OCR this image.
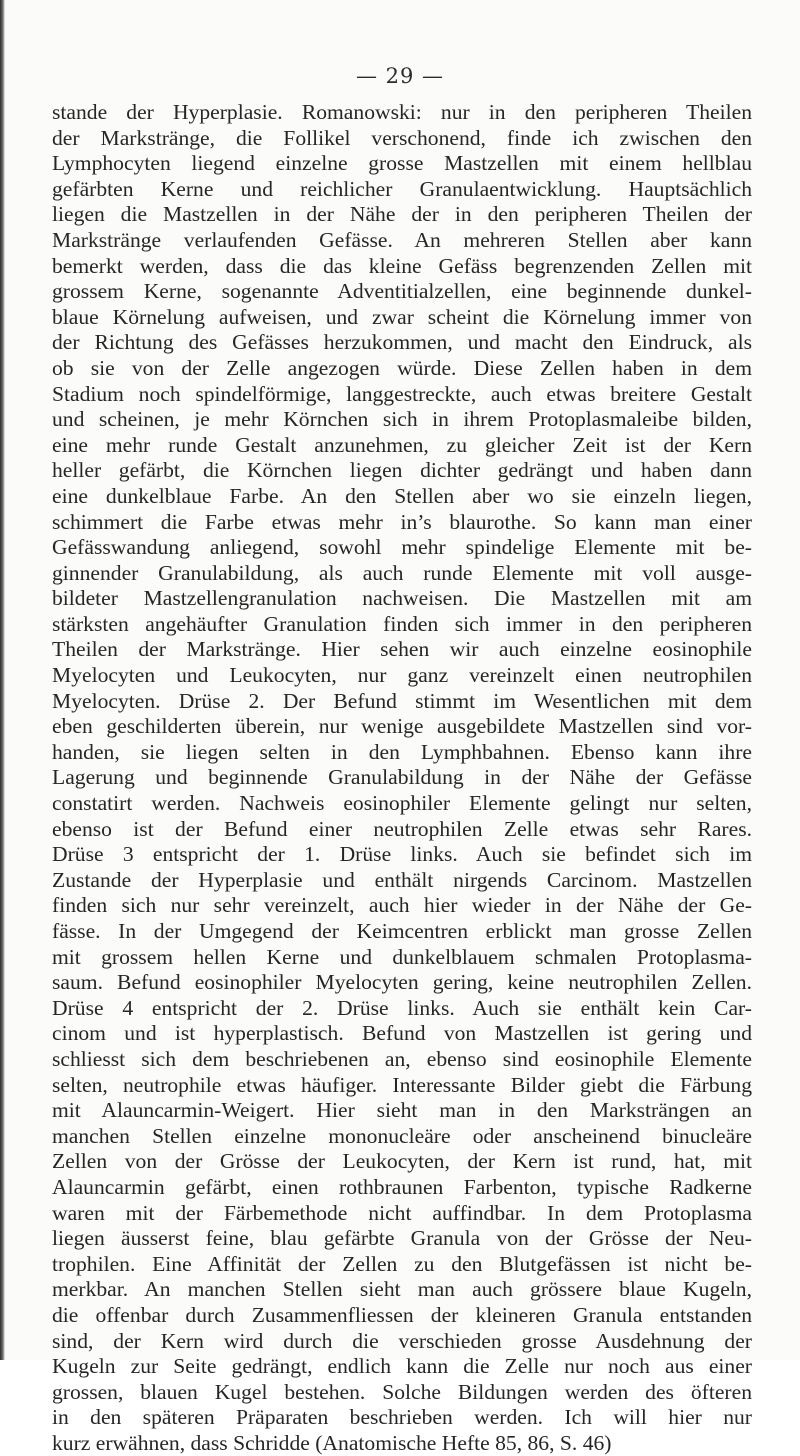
— 29 —
stande der Hyperplasie. Romanowski: nur in den peripheren Theilen
der Markstränge, die Follikel verschonend, finde ich zwischen den
Lymphocyten liegend einzelne grosse Mastzellen mit einem hellblau
gefärbten Kerne und reichlicher Granulaentwicklung. Hauptsächlich
liegen die Mastzellen in der Nähe der in den peripheren Theilen der
Markstränge verlaufenden Gefässe. An mehreren Stellen aber kann
bemerkt werden, dass die das kleine Gefäss begrenzenden Zellen mit
grossem Kerne, sogenannte Adventitialzellen, eine beginnende dunkel-
blaue Körnelung aufweisen, und zwar scheint die Körnelung immer von
der Richtung des Gefässes herzukommen, und macht den Eindruck, als
ob sie von der Zelle angezogen würde. Diese Zellen haben in dem
Stadium noch spindelförmige, langgestreckte, auch etwas breitere Gestalt
und scheinen, je mehr Körnchen sich in ihrem Protoplasmaleibe bilden,
eine mehr runde Gestalt anzunehmen, zu gleicher Zeit ist der Kern
heller gefärbt, die Körnchen liegen dichter gedrängt und haben dann
eine dunkelblaue Farbe. An den Stellen aber wo sie einzeln liegen,
schimmert die Farbe etwas mehr in’s blaurothe. So kann man einer
Gefässwandung anliegend, sowohl mehr spindelige Elemente mit be-
ginnender Granulabildung, als auch runde Elemente mit voll ausge-
bildeter Mastzellengranulation nachweisen. Die Mastzellen mit am
stärksten angehäufter Granulation finden sich immer in den peripheren
Theilen der Markstränge. Hier sehen wir auch einzelne eosinophile
Myelocyten und Leukocyten, nur ganz vereinzelt einen neutrophilen
Myelocyten. Drüse 2. Der Befund stimmt im Wesentlichen mit dem
eben geschilderten überein, nur wenige ausgebildete Mastzellen sind vor-
handen, sie liegen selten in den Lymphbahnen. Ebenso kann ihre
Lagerung und beginnende Granulabildung in der Nähe der Gefässe
constatirt werden. Nachweis eosinophiler Elemente gelingt nur selten,
ebenso ist der Befund einer neutrophilen Zelle etwas sehr Rares.
Drüse 3 entspricht der 1. Drüse links. Auch sie befindet sich im
Zustande der Hyperplasie und enthält nirgends Carcinom. Mastzellen
finden sich nur sehr vereinzelt, auch hier wieder in der Nähe der Ge-
fässe. In der Umgegend der Keimcentren erblickt man grosse Zellen
mit grossem hellen Kerne und dunkelblauem schmalen Protoplasma-
saum. Befund eosinophiler Myelocyten gering, keine neutrophilen Zellen.
Drüse 4 entspricht der 2. Drüse links. Auch sie enthält kein Car-
cinom und ist hyperplastisch. Befund von Mastzellen ist gering und
schliesst sich dem beschriebenen an, ebenso sind eosinophile Elemente
selten, neutrophile etwas häufiger. Interessante Bilder giebt die Färbung
mit Alauncarmin-Weigert. Hier sieht man in den Marksträngen an
manchen Stellen einzelne mononucleäre oder anscheinend binucleäre
Zellen von der Grösse der Leukocyten, der Kern ist rund, hat, mit
Alauncarmin gefärbt, einen rothbraunen Farbenton, typische Radkerne
waren mit der Färbemethode nicht auffindbar. In dem Protoplasma
liegen äusserst feine, blau gefärbte Granula von der Grösse der Neu-
trophilen. Eine Affinität der Zellen zu den Blutgefässen ist nicht be-
merkbar. An manchen Stellen sieht man auch grössere blaue Kugeln,
die offenbar durch Zusammenfliessen der kleineren Granula entstanden
sind, der Kern wird durch die verschieden grosse Ausdehnung der
Kugeln zur Seite gedrängt, endlich kann die Zelle nur noch aus einer
grossen, blauen Kugel bestehen. Solche Bildungen werden des öfteren
in den späteren Präparaten beschrieben werden. Ich will hier nur
kurz erwähnen, dass Schridde (Anatomische Hefte 85, 86, S. 46)
